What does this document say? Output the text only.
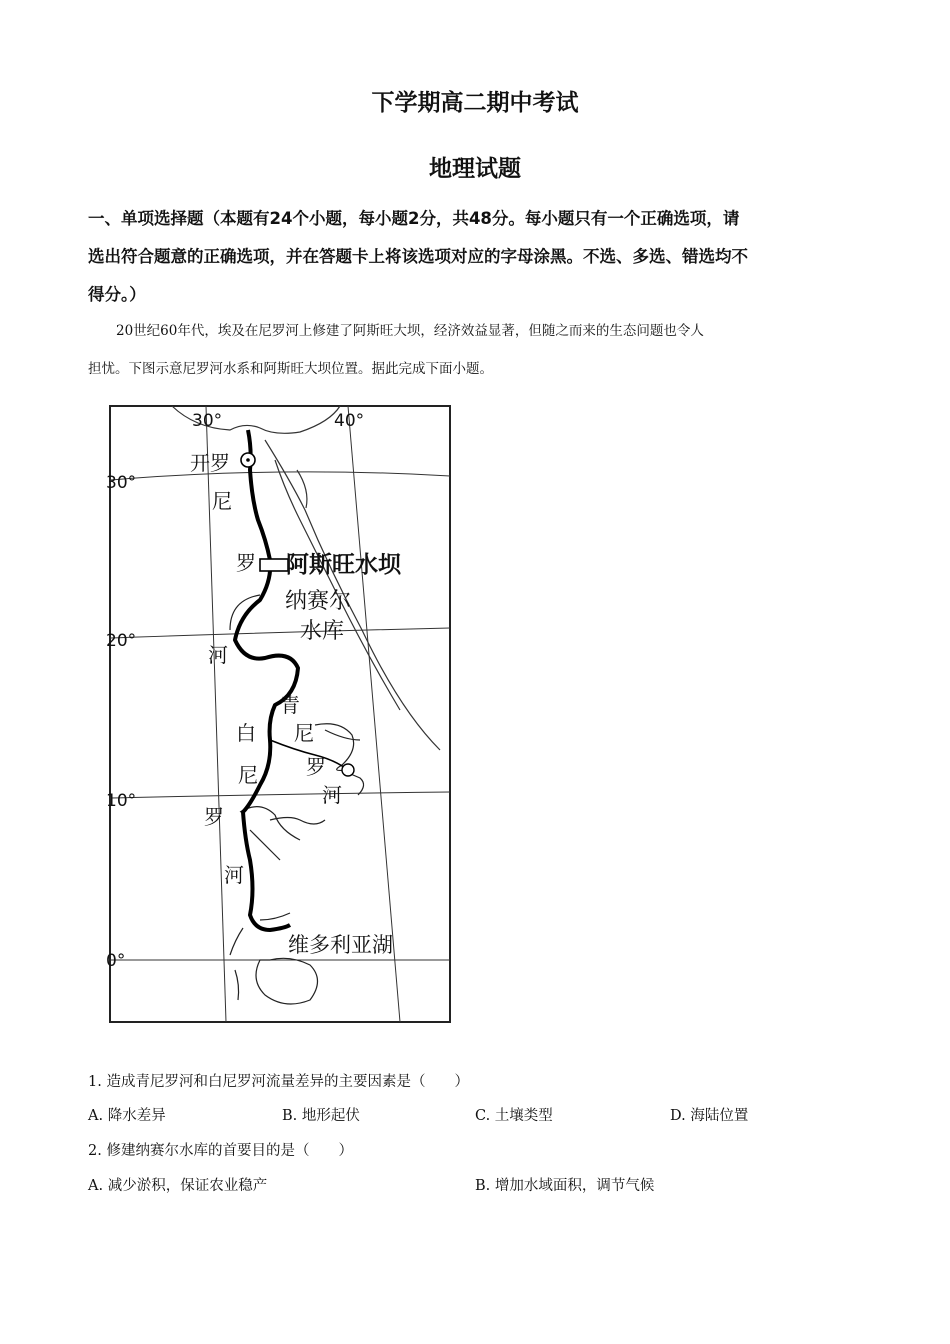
下学期高二期中考试
地理试题

一、单项选择题（本题有24个小题，每小题2分，共48分。每小题只有一个正确选项，请

选出符合题意的正确选项，并在答题卡上将该选项对应的字母涂黑。不选、多选、错选均不

得分。）

20世纪60年代，埃及在尼罗河上修建了阿斯旺大坝，经济效益显著，但随之而来的生态问题也令人

担忧。下图示意尼罗河水系和阿斯旺大坝位置。据此完成下面小题。

30°	40°
30°
20°
10°
0°
开罗
尼
罗
河
阿斯旺水坝
纳赛尔
水库
青
尼
罗
河
白
尼
罗
河
维多利亚湖
1. 造成青尼罗河和白尼罗河流量差异的主要因素是（　　）
A. 降水差异	B. 地形起伏	C. 土壤类型	D. 海陆位置
2. 修建纳赛尔水库的首要目的是（　　）
A. 减少淤积，保证农业稳产	B. 增加水域面积，调节气候
